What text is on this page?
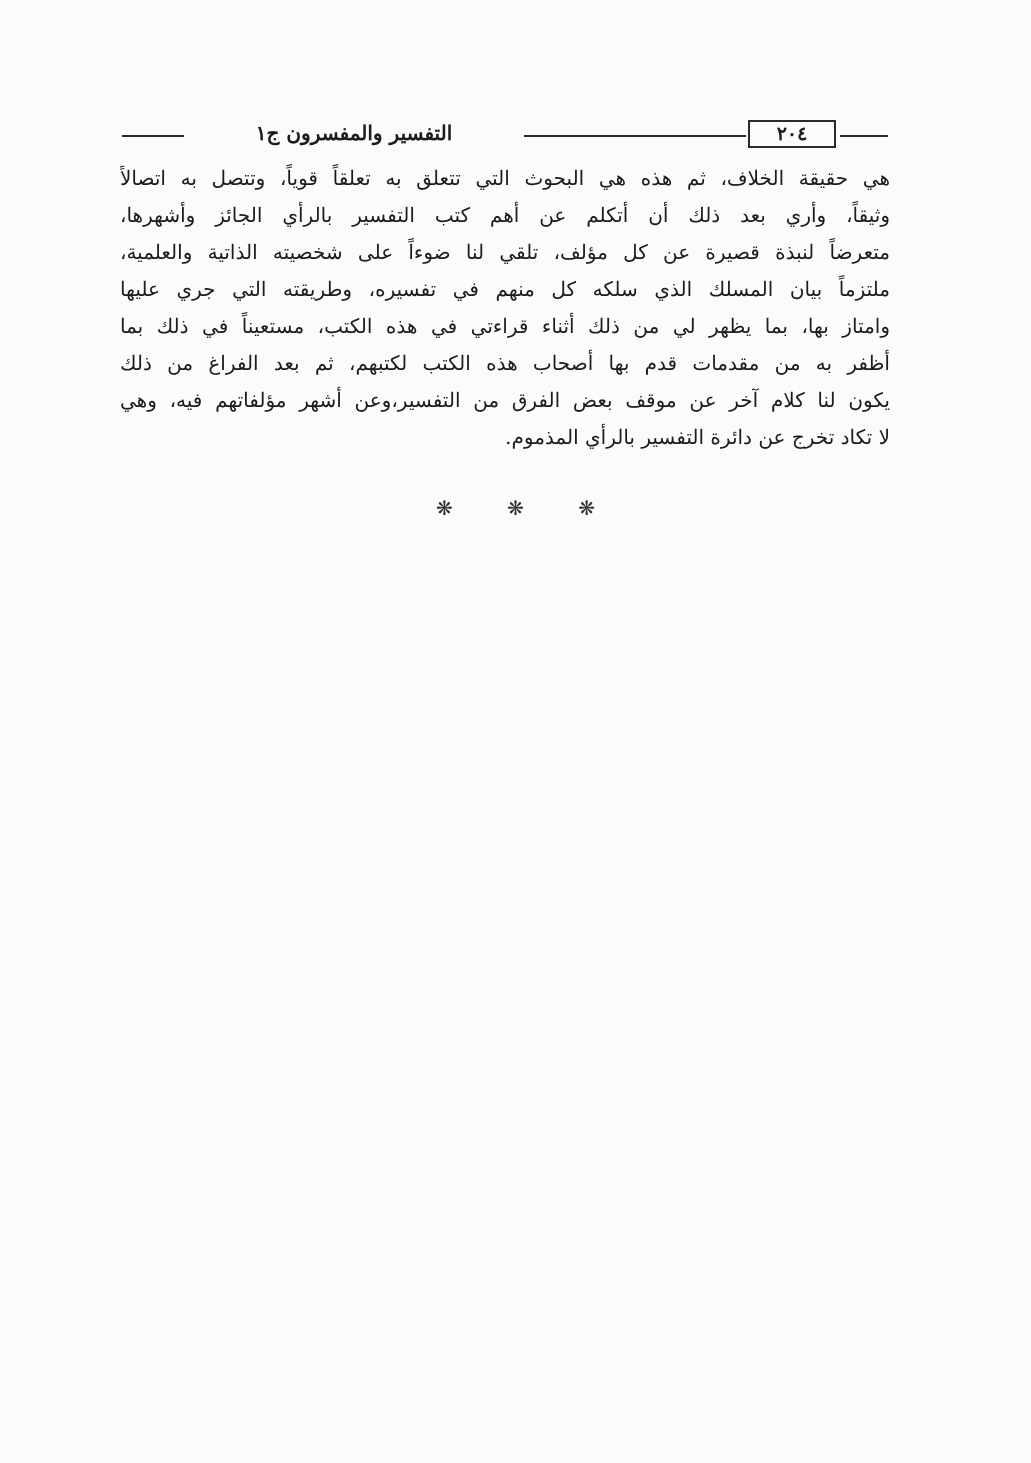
التفسير والمفسرون ج١	٢٠٤
هي حقيقة الخلاف، ثم هذه هي البحوث التي تتعلق به تعلقاً قوياً، وتتصل به اتصالاً
وثيقاً، وأري بعد ذلك أن أتكلم عن أهم كتب التفسير بالرأي الجائز وأشهرها،
متعرضاً لنبذة قصيرة عن كل مؤلف، تلقي لنا ضوءاً على شخصيته الذاتية والعلمية،
ملتزماً بيان المسلك الذي سلكه كل منهم في تفسيره، وطريقته التي جري عليها
وامتاز بها، بما يظهر لي من ذلك أثناء قراءتي في هذه الكتب، مستعيناً في ذلك بما
أظفر به من مقدمات قدم بها أصحاب هذه الكتب لكتبهم، ثم بعد الفراغ من ذلك
يكون لنا كلام آخر عن موقف بعض الفرق من التفسير،وعن أشهر مؤلفاتهم فيه، وهي
لا تكاد تخرج عن دائرة التفسير بالرأي المذموم.
❋	❋	❋
